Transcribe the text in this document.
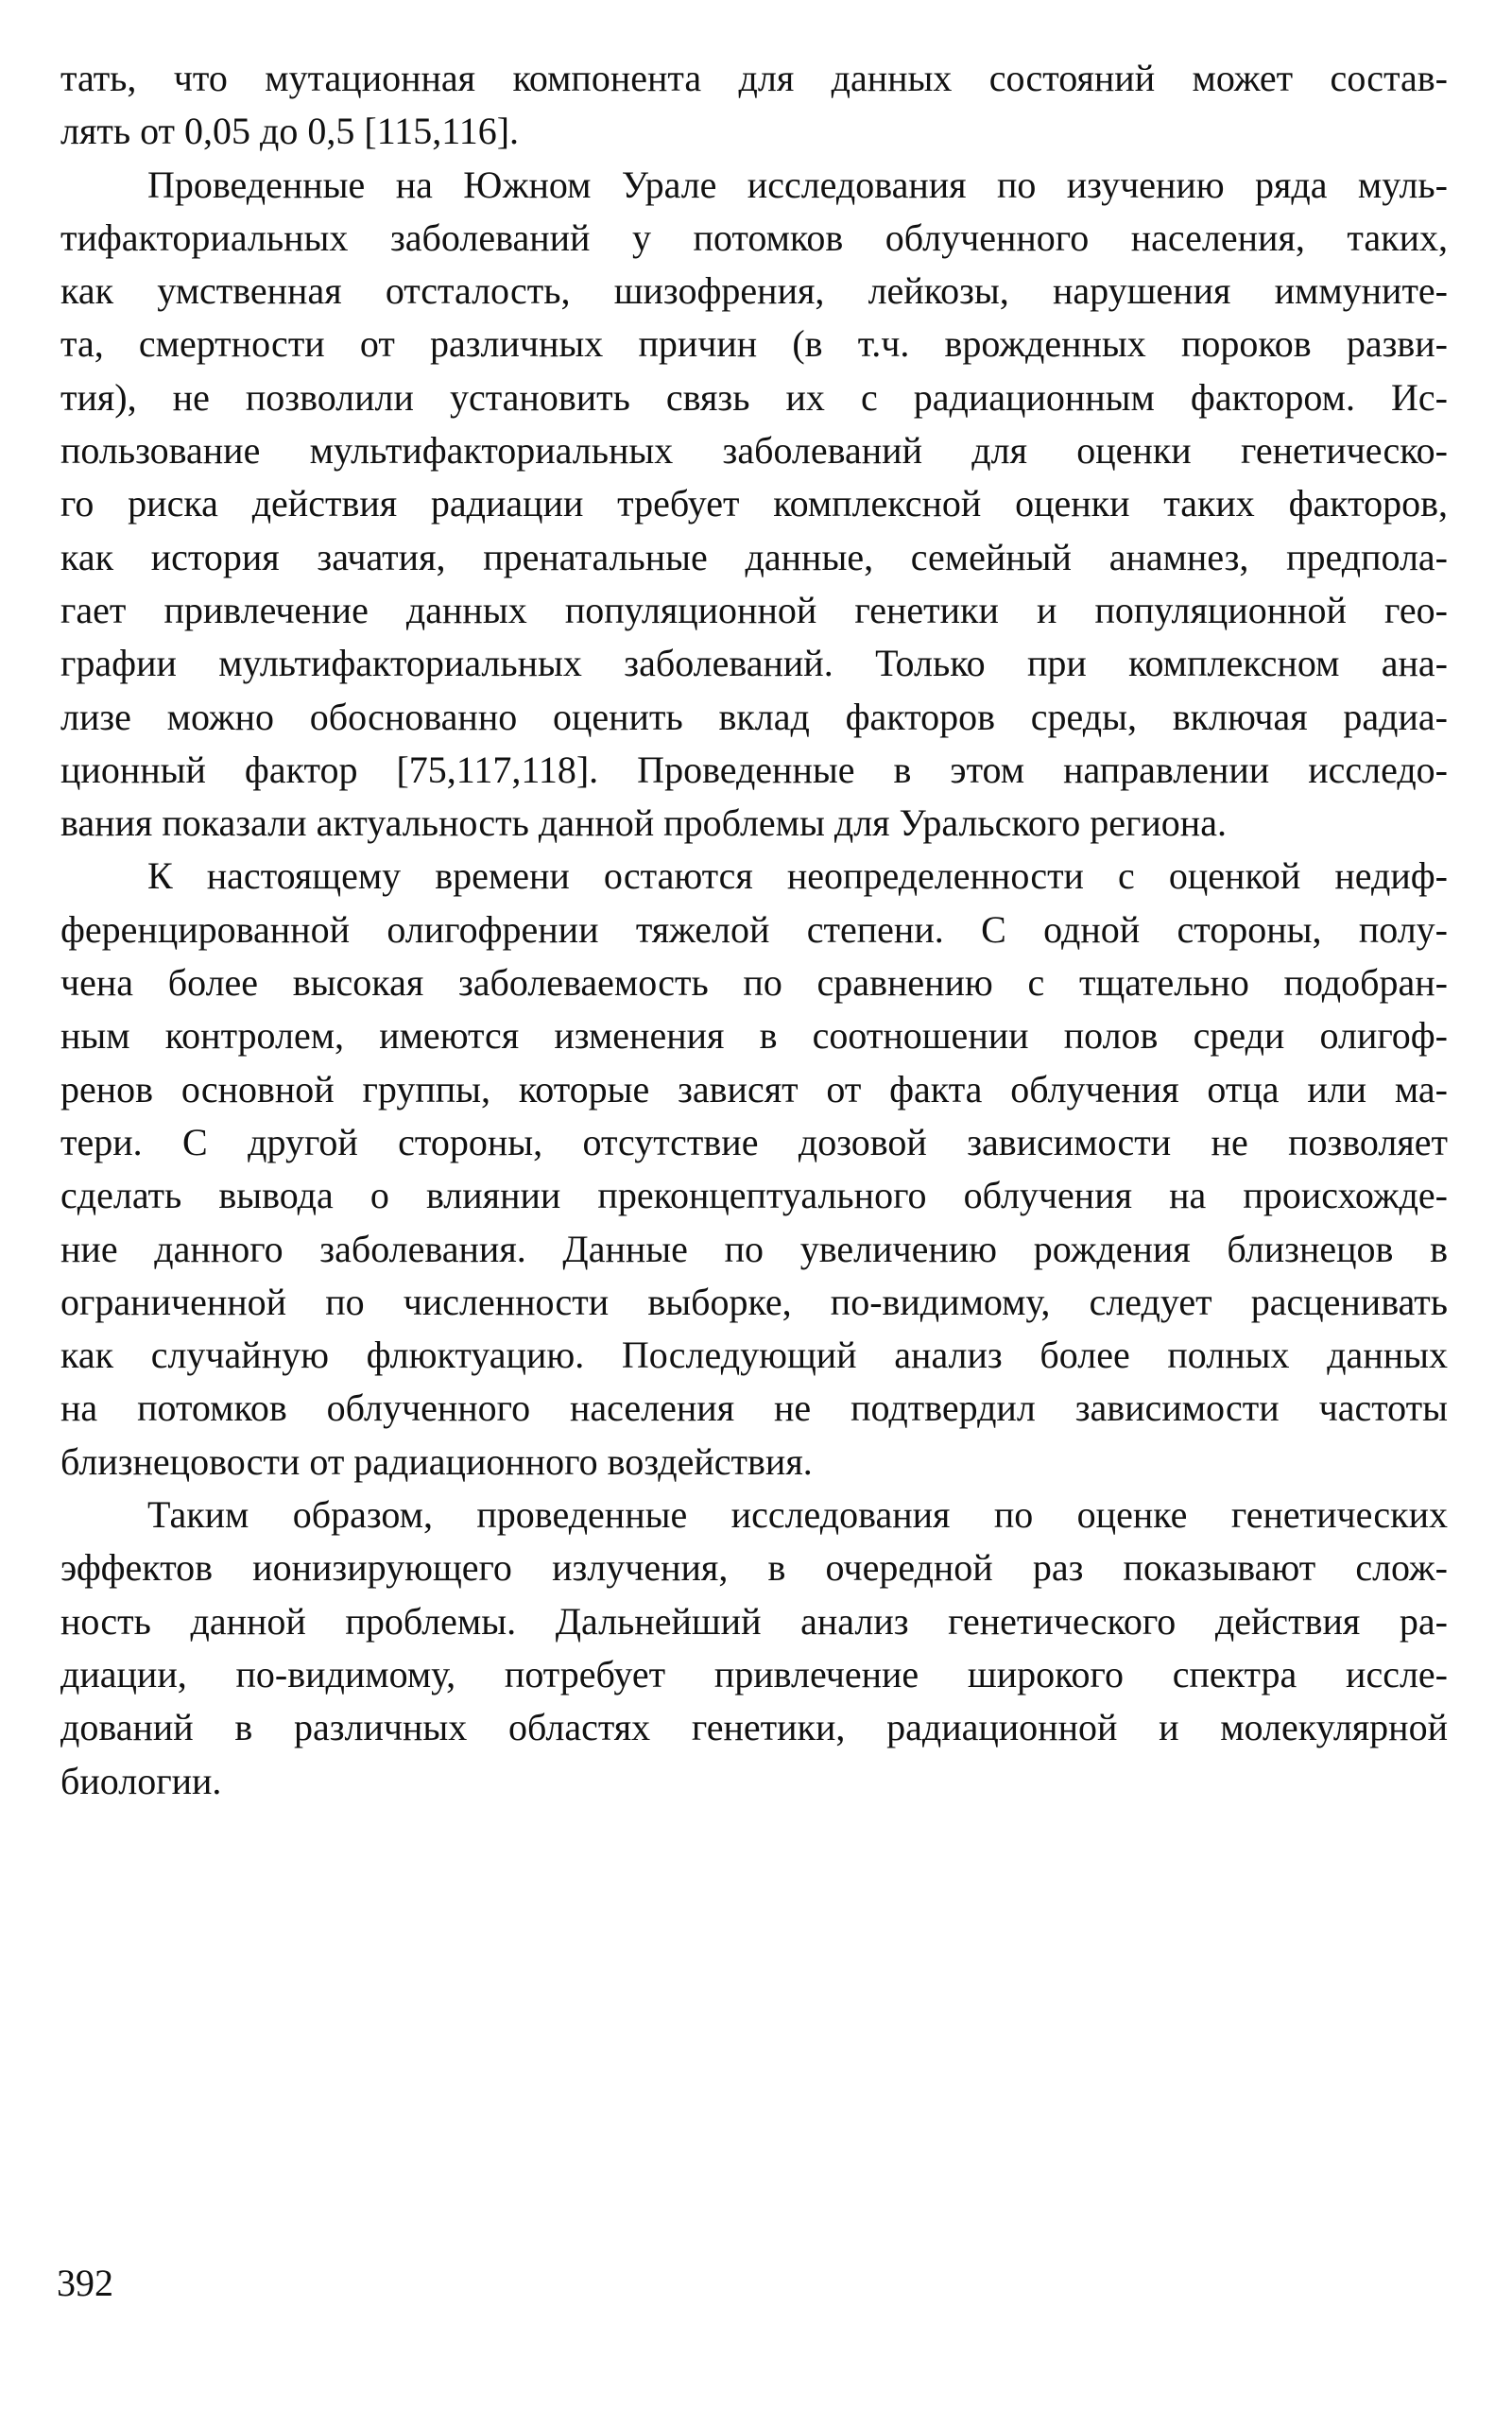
тать, что мутационная компонента для данных состояний может состав-
лять от 0,05 до 0,5 [115,116].
Проведенные на Южном Урале исследования по изучению ряда муль-
тифакториальных заболеваний у потомков облученного населения, таких,
как умственная отсталость, шизофрения, лейкозы, нарушения иммуните-
та, смертности от различных причин (в т.ч. врожденных пороков разви-
тия), не позволили установить связь их с радиационным фактором. Ис-
пользование мультифакториальных заболеваний для оценки генетическо-
го риска действия радиации требует комплексной оценки таких факторов,
как история зачатия, пренатальные данные, семейный анамнез, предпола-
гает привлечение данных популяционной генетики и популяционной гео-
графии мультифакториальных заболеваний. Только при комплексном ана-
лизе можно обоснованно оценить вклад факторов среды, включая радиа-
ционный фактор [75,117,118]. Проведенные в этом направлении исследо-
вания показали актуальность данной проблемы для Уральского региона.
К настоящему времени остаются неопределенности с оценкой недиф-
ференцированной олигофрении тяжелой степени. С одной стороны, полу-
чена более высокая заболеваемость по сравнению с тщательно подобран-
ным контролем, имеются изменения в соотношении полов среди олигоф-
ренов основной группы, которые зависят от факта облучения отца или ма-
тери. С другой стороны, отсутствие дозовой зависимости не позволяет
сделать вывода о влиянии преконцептуального облучения на происхожде-
ние данного заболевания. Данные по увеличению рождения близнецов в
ограниченной по численности выборке, по-видимому, следует расценивать
как случайную флюктуацию. Последующий анализ более полных данных
на потомков облученного населения не подтвердил зависимости частоты
близнецовости от радиационного воздействия.
Таким образом, проведенные исследования по оценке генетических
эффектов ионизирующего излучения, в очередной раз показывают слож-
ность данной проблемы. Дальнейший анализ генетического действия ра-
диации, по-видимому, потребует привлечение широкого спектра иссле-
дований в различных областях генетики, радиационной и молекулярной
биологии.
392
